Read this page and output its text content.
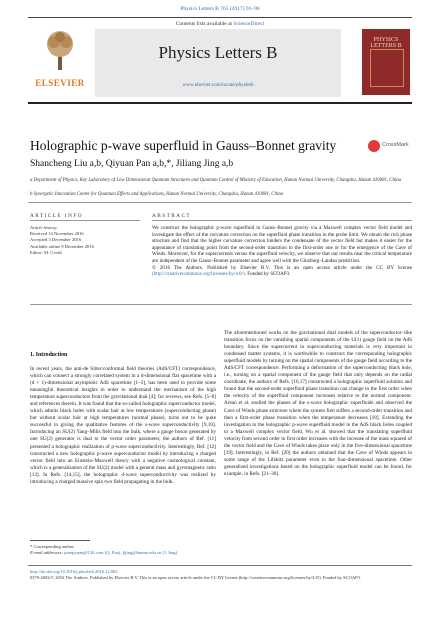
Physics Letters B 765 (2017) 91–96
ELSEVIER
Contents lists available at ScienceDirect
Physics Letters B
www.elsevier.com/locate/physletb
PHYSICS LETTERS B
Holographic p-wave superfluid in Gauss–Bonnet gravity	CrossMark
Shancheng Liu a,b, Qiyuan Pan a,b,*, Jiliang Jing a,b
a Department of Physics, Key Laboratory of Low Dimensional Quantum Structures and Quantum Control of Ministry of Education, Hunan Normal University, Changsha, Hunan 410081, China
b Synergetic Innovation Center for Quantum Effects and Applications, Hunan Normal University, Changsha, Hunan 410081, China
ARTICLE INFO
Article history:
Received 13 November 2016
Accepted 3 December 2016
Available online 9 December 2016
Editor: M. Cvetič
ABSTRACT
We construct the holographic p-wave superfluid in Gauss–Bonnet gravity via a Maxwell complex vector field model and investigate the effect of the curvature correction on the superfluid phase transition in the probe limit. We obtain the rich phase structure and find that the higher curvature correction hinders the condensate of the vector field but makes it easier for the appearance of translating point from the second-order transition to the first-order one or for the emergence of the Cave of Winds. Moreover, for the supercurrents versus the superfluid velocity, we observe that our results near the critical temperature are independent of the Gauss–Bonnet parameter and agree well with the Ginzburg–Landau prediction.
© 2016 The Authors. Published by Elsevier B.V. This is an open access article under the CC BY license (http://creativecommons.org/licenses/by/4.0/). Funded by SCOAP3.
1. Introduction
In recent years, the anti-de Sitter/conformal field theories (AdS/CFT) correspondence, which can connect a strongly correlated system in a d-dimensional flat spacetime with a (d + 1)-dimensional asymptotic AdS spacetime [1–3], has been used to provide some meaningful theoretical insights in order to understand the mechanism of the high temperature superconductors from the gravitational dual [4]; for reviews, see Refs. [5–8] and references therein. It was found that the so-called holographic superconductor model, which admits black holes with scalar hair at low temperatures (superconducting phase) but without scalar hair at high temperatures (normal phase), turns out to be quite successful in giving the qualitative features of the s-wave superconductivity [9,10]. Introducing an SU(2) Yang–Mills field into the bulk, where a gauge boson generated by one SU(2) generator is dual to the vector order parameter, the authors of Ref. [11] presented a holographic realization of p-wave superconductivity. Interestingly, Ref. [12] constructed a new holographic p-wave superconductor model by introducing a charged vector field into an Einstein–Maxwell theory with a negative cosmological constant, which is a generalization of the SU(2) model with a general mass and gyromagnetic ratio [13]. In Refs. [14,15], the holographic d-wave superconductivity was realized by introducing a charged massive spin two field propagating in the bulk.
The aforementioned works on the gravitational dual models of the superconductor–like transition focus on the vanishing spatial components of the U(1) gauge field on the AdS boundary. Since the supercurrent in superconducting materials is very important in condensed matter systems, it is worthwhile to construct the corresponding holographic superfluid models by turning on the spatial components of the gauge field according to the AdS/CFT correspondence. Performing a deformation of the superconducting black hole, i.e., turning on a spatial component of the gauge field that only depends on the radial coordinate, the authors of Refs. [16,17] constructed a holographic superfluid solution and found that the second-order superfluid phase transition can change to the first order when the velocity of the superfluid component increases relative to the normal component. Arean et al. studied the phases of the s-wave holographic superfluids and observed the Cave of Winds phase structure where the system first suffers a second-order transition and then a first-order phase transition when the temperature decreases [18]. Extending the investigation to the holographic p-wave superfluid model in the AdS black holes coupled to a Maxwell complex vector field, Wu et al. showed that the translating superfluid velocity from second order to first order increases with the increase of the mass squared of the vector field and the Cave of Winds takes place only in the five-dimensional spacetime [19]. Interestingly, in Ref. [20] the authors obtained that the Cave of Winds appears in some range of the Lifshitz parameter even in the four-dimensional spacetime. Other generalized investigations based on the holographic superfluid model can be found, for example, in Refs. [21–30].
* Corresponding author.
E-mail addresses: panqiyuan@126.com (Q. Pan), jljing@hunnu.edu.cn (J. Jing).
http://dx.doi.org/10.1016/j.physletb.2016.12.003
0370-2693/© 2016 The Authors. Published by Elsevier B.V. This is an open access article under the CC BY license (http://creativecommons.org/licenses/by/4.0/). Funded by SCOAP3.
